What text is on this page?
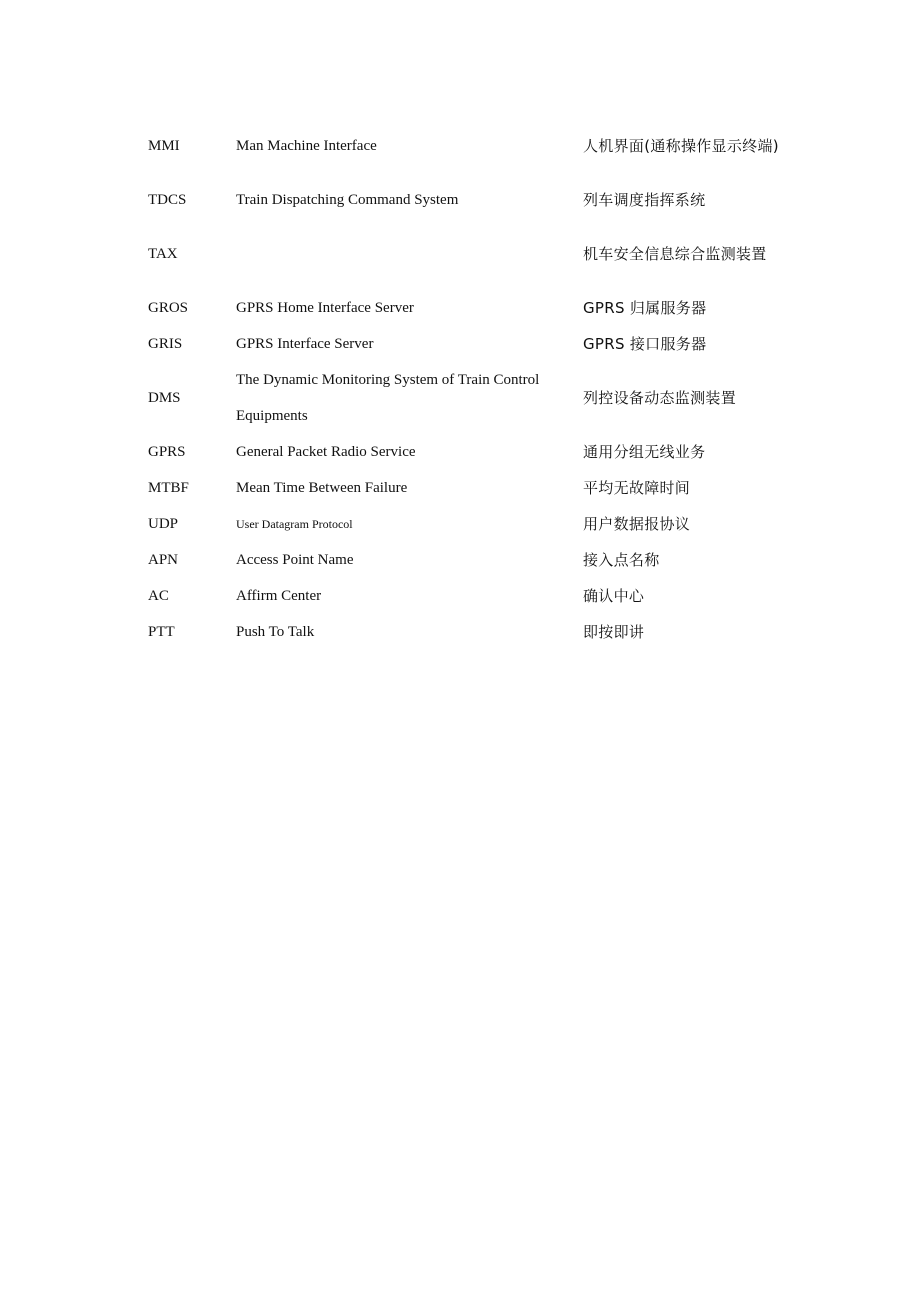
MMI	Man Machine Interface	人机界面(通称操作显示终端)
TDCS	Train Dispatching Command System	列车调度指挥系统
TAX		机车安全信息综合监测装置
GROS	GPRS Home Interface Server	GPRS 归属服务器
GRIS	GPRS Interface Server	GPRS 接口服务器
DMS	The Dynamic Monitoring System of Train Control Equipments	列控设备动态监测装置
GPRS	General Packet Radio Service	通用分组无线业务
MTBF	Mean Time Between Failure	平均无故障时间
UDP	User Datagram Protocol	用户数据报协议
APN	Access Point Name	接入点名称
AC	Affirm Center	确认中心
PTT	Push To Talk	即按即讲
